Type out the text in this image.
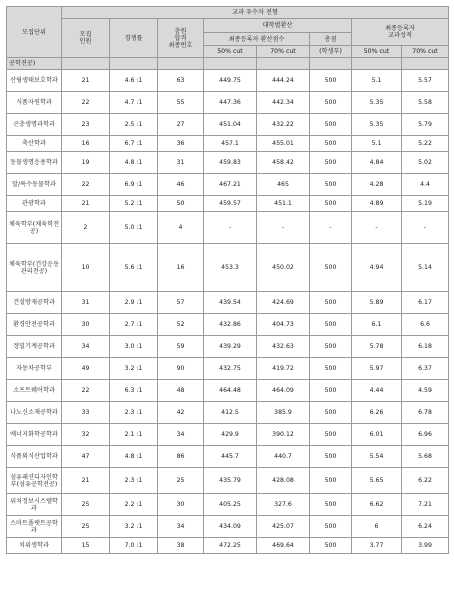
모집단위	교과 우수자 전형							
	모집
인원	경쟁률	충원
합격
최종번호	대학별환산			최종등록자
교과성적	
				최종등록자 환산점수		총점		
				50% cut	70% cut	(학생부)	50% cut	70% cut
공학전공)								
산림생태보호학과	21	4.6 :1	63	449.75	444.24	500	5.1	5.57
식품자원학과	22	4.7 :1	55	447.36	442.34	500	5.35	5.58
곤충생명과학과	23	2.5 :1	27	451.04	432.22	500	5.35	5.79
축산학과	16	6.7 :1	36	457.1	455.01	500	5.1	5.22
동물생명응용학과	19	4.8 :1	31	459.83	458.42	500	4.84	5.02
말/특수동물학과	22	6.9 :1	46	467.21	465	500	4.28	4.4
관광학과	21	5.2 :1	50	459.57	451.1	500	4.89	5.19
체육학부(체육학전공)	2	5.0 :1	4	-	-	-	-	-
체육학부(건강운동관리전공)	10	5.6 :1	16	453.3	450.02	500	4.94	5.14
건설방재공학과	31	2.9 :1	57	439.54	424.69	500	5.89	6.17
환경안전공학과	30	2.7 :1	52	432.86	404.73	500	6.1	6.6
정밀기계공학과	34	3.0 :1	59	439.29	432.63	500	5.78	6.18
자동차공학부	49	3.2 :1	90	432.75	419.72	500	5.97	6.37
소프트웨어학과	22	6.3 :1	48	464.48	464.09	500	4.44	4.59
나노신소재공학과	33	2.3 :1	42	412.5	385.9	500	6.26	6.78
에너지화학공학과	32	2.1 :1	34	429.9	390.12	500	6.01	6.96
식품외식산업학과	47	4.8 :1	86	445.7	440.7	500	5.54	5.68
섬유패션디자인학부(섬유공학전공)	21	2.3 :1	25	435.79	428.08	500	5.65	6.22
위치정보시스템학과	25	2.2 :1	30	405.25	327.6	500	6.62	7.21
스마트폴랫트공학과	25	3.2 :1	34	434.09	425.07	500	6	6.24
치위생학과	15	7.0 :1	38	472.25	469.64	500	3.77	3.99
